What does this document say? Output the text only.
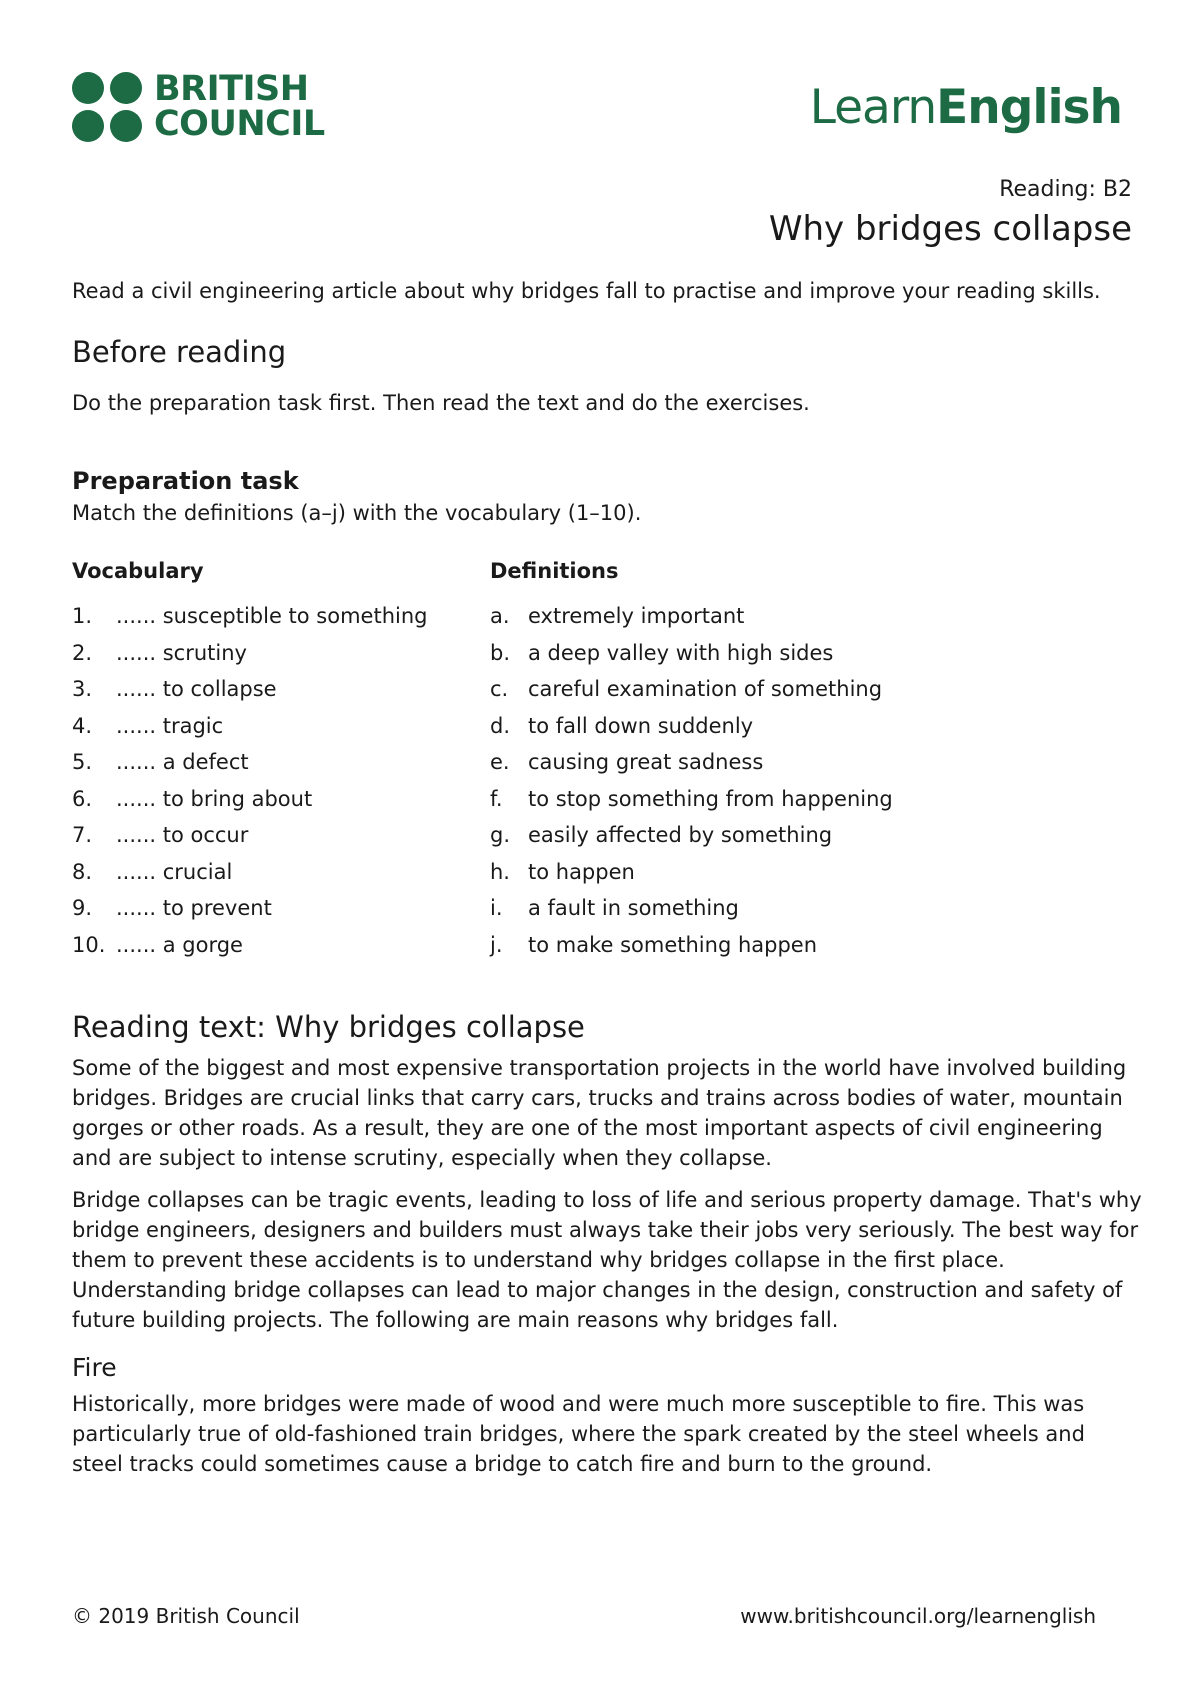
BRITISH
COUNCIL	LearnEnglish
Reading: B2
Why bridges collapse

Read a civil engineering article about why bridges fall to practise and improve your reading skills.

Before reading

Do the preparation task first. Then read the text and do the exercises.

Preparation task

Match the definitions (a–j) with the vocabulary (1–10).

Vocabulary
1.	...... susceptible to something
2.	...... scrutiny
3.	...... to collapse
4.	...... tragic
5.	...... a defect
6.	...... to bring about
7.	...... to occur
8.	...... crucial
9.	...... to prevent
10. ...... a gorge
Definitions
a. extremely important
b. a deep valley with high sides
c. careful examination of something
d. to fall down suddenly
e. causing great sadness
f.	to stop something from happening
g. easily affected by something
h. to happen
i.	a fault in something
j.	to make something happen
Reading text: Why bridges collapse

Some of the biggest and most expensive transportation projects in the world have involved building bridges. Bridges are crucial links that carry cars, trucks and trains across bodies of water, mountain gorges or other roads. As a result, they are one of the most important aspects of civil engineering and are subject to intense scrutiny, especially when they collapse.

Bridge collapses can be tragic events, leading to loss of life and serious property damage. That's why bridge engineers, designers and builders must always take their jobs very seriously. The best way for them to prevent these accidents is to understand why bridges collapse in the first place. Understanding bridge collapses can lead to major changes in the design, construction and safety of future building projects. The following are main reasons why bridges fall.

Fire

Historically, more bridges were made of wood and were much more susceptible to fire. This was particularly true of old-fashioned train bridges, where the spark created by the steel wheels and steel tracks could sometimes cause a bridge to catch fire and burn to the ground.

© 2019 British Council	www.britishcouncil.org/learnenglish
